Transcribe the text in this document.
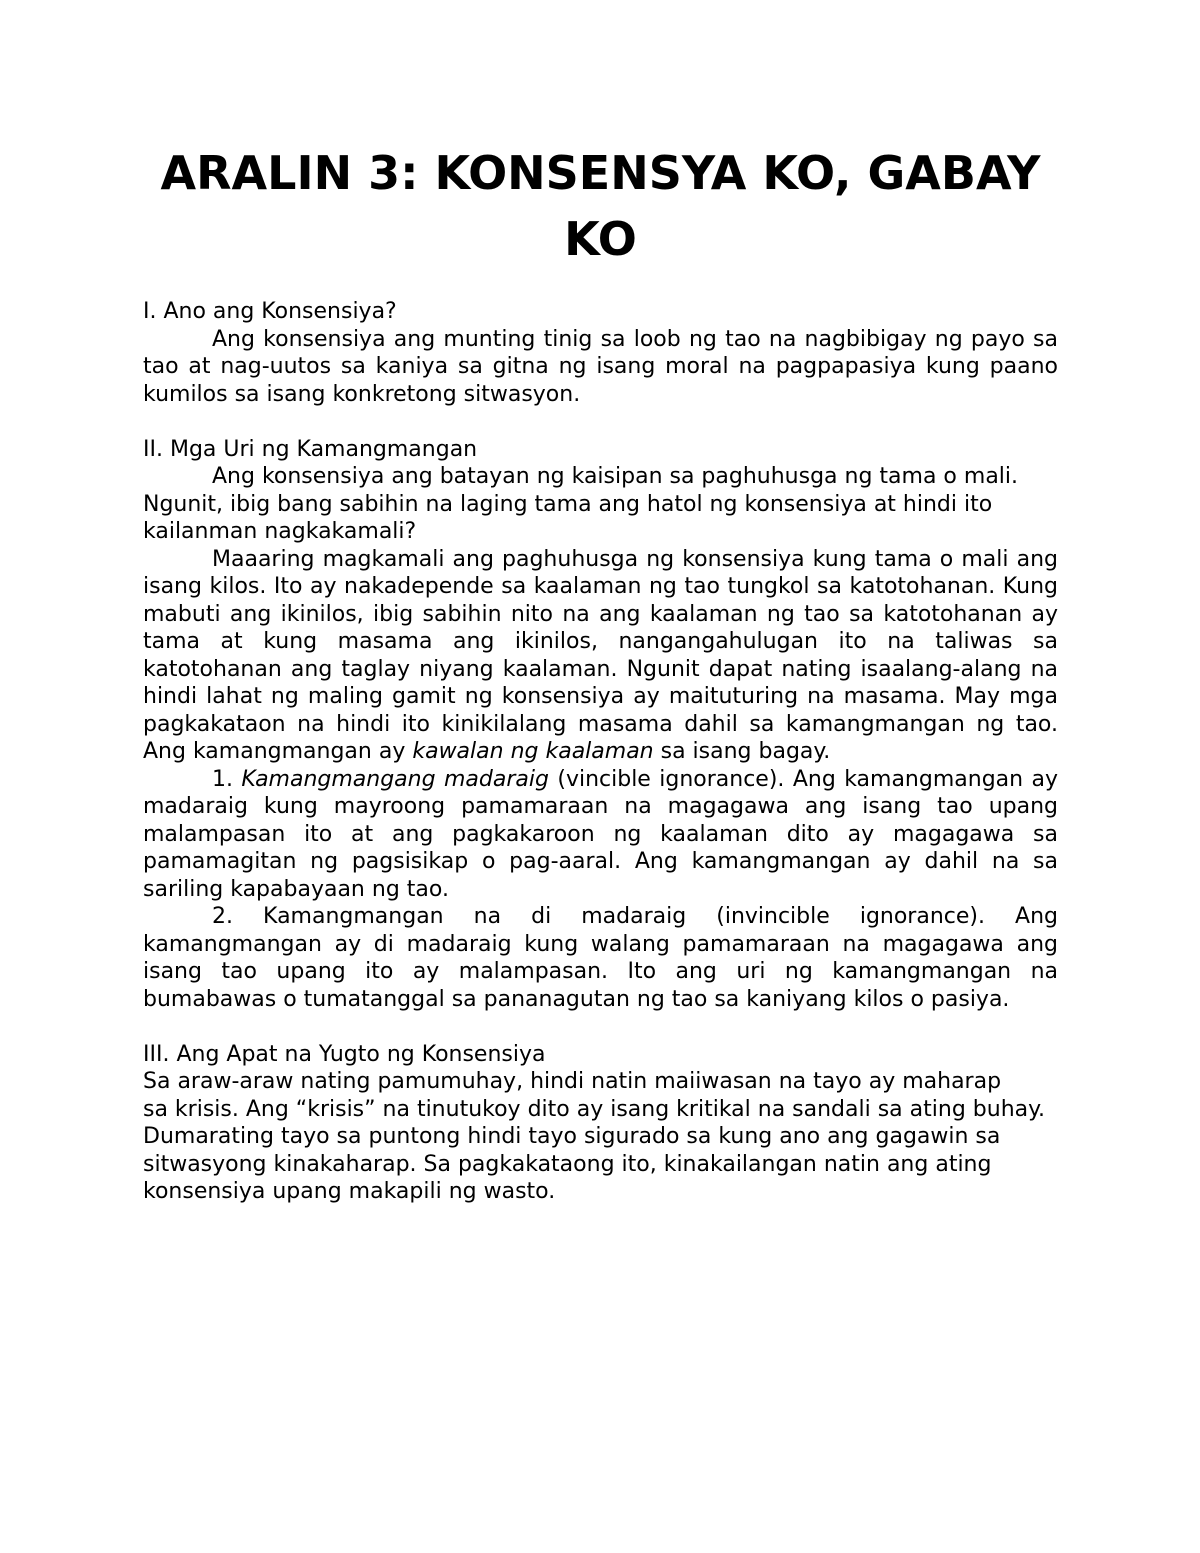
ARALIN 3: KONSENSYA KO, GABAY KO

I. Ano ang Konsensiya?

Ang konsensiya ang munting tinig sa loob ng tao na nagbibigay ng payo sa tao at nag-uutos sa kaniya sa gitna ng isang moral na pagpapasiya kung paano kumilos sa isang konkretong sitwasyon.

II. Mga Uri ng Kamangmangan

Ang konsensiya ang batayan ng kaisipan sa paghuhusga ng tama o mali.

Ngunit, ibig bang sabihin na laging tama ang hatol ng konsensiya at hindi ito kailanman nagkakamali?

Maaaring magkamali ang paghuhusga ng konsensiya kung tama o mali ang isang kilos. Ito ay nakadepende sa kaalaman ng tao tungkol sa katotohanan. Kung mabuti ang ikinilos, ibig sabihin nito na ang kaalaman ng tao sa katotohanan ay tama at kung masama ang ikinilos, nangangahulugan ito na taliwas sa katotohanan ang taglay niyang kaalaman. Ngunit dapat nating isaalang-alang na hindi lahat ng maling gamit ng konsensiya ay maituturing na masama. May mga pagkakataon na hindi ito kinikilalang masama dahil sa kamangmangan ng tao. Ang kamangmangan ay kawalan ng kaalaman sa isang bagay.

1. Kamangmangang madaraig (vincible ignorance). Ang kamangmangan ay madaraig kung mayroong pamamaraan na magagawa ang isang tao upang malampasan ito at ang pagkakaroon ng kaalaman dito ay magagawa sa pamamagitan ng pagsisikap o pag-aaral. Ang kamangmangan ay dahil na sa sariling kapabayaan ng tao.

2. Kamangmangan na di madaraig (invincible ignorance). Ang kamangmangan ay di madaraig kung walang pamamaraan na magagawa ang isang tao upang ito ay malampasan. Ito ang uri ng kamangmangan na bumabawas o tumatanggal sa pananagutan ng tao sa kaniyang kilos o pasiya.

III. Ang Apat na Yugto ng Konsensiya

Sa araw-araw nating pamumuhay, hindi natin maiiwasan na tayo ay maharap

sa krisis. Ang “krisis” na tinutukoy dito ay isang kritikal na sandali sa ating buhay.

Dumarating tayo sa puntong hindi tayo sigurado sa kung ano ang gagawin sa sitwasyong kinakaharap. Sa pagkakataong ito, kinakailangan natin ang ating konsensiya upang makapili ng wasto.
